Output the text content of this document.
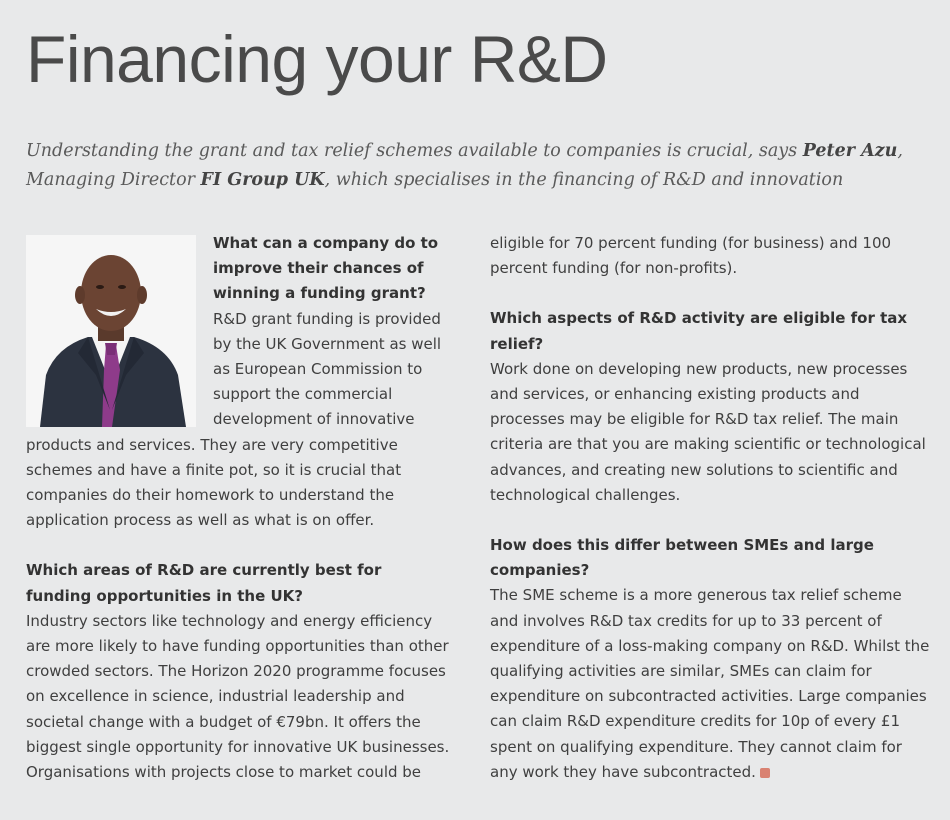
Financing your R&D

Understanding the grant and tax relief schemes available to companies is crucial, says Peter Azu, Managing Director FI Group UK, which specialises in the financing of R&D and innovation

What can a company do to improve their chances of winning a funding grant?

R&D grant funding is provided by the UK Government as well as European Commission to support the commercial development of innovative products and services. They are very competitive schemes and have a finite pot, so it is crucial that companies do their homework to understand the application process as well as what is on offer.

Which areas of R&D are currently best for funding opportunities in the UK?

Industry sectors like technology and energy efficiency are more likely to have funding opportunities than other crowded sectors. The Horizon 2020 programme focuses on excellence in science, industrial leadership and societal change with a budget of €79bn. It offers the biggest single opportunity for innovative UK businesses. Organisations with projects close to market could be

eligible for 70 percent funding (for business) and 100 percent funding (for non-profits).

Which aspects of R&D activity are eligible for tax relief?

Work done on developing new products, new processes and services, or enhancing existing products and processes may be eligible for R&D tax relief. The main criteria are that you are making scientific or technological advances, and creating new solutions to scientific and technological challenges.

How does this differ between SMEs and large companies?

The SME scheme is a more generous tax relief scheme and involves R&D tax credits for up to 33 percent of expenditure of a loss-making company on R&D. Whilst the qualifying activities are similar, SMEs can claim for expenditure on subcontracted activities. Large companies can claim R&D expenditure credits for 10p of every £1 spent on qualifying expenditure. They cannot claim for any work they have subcontracted.
